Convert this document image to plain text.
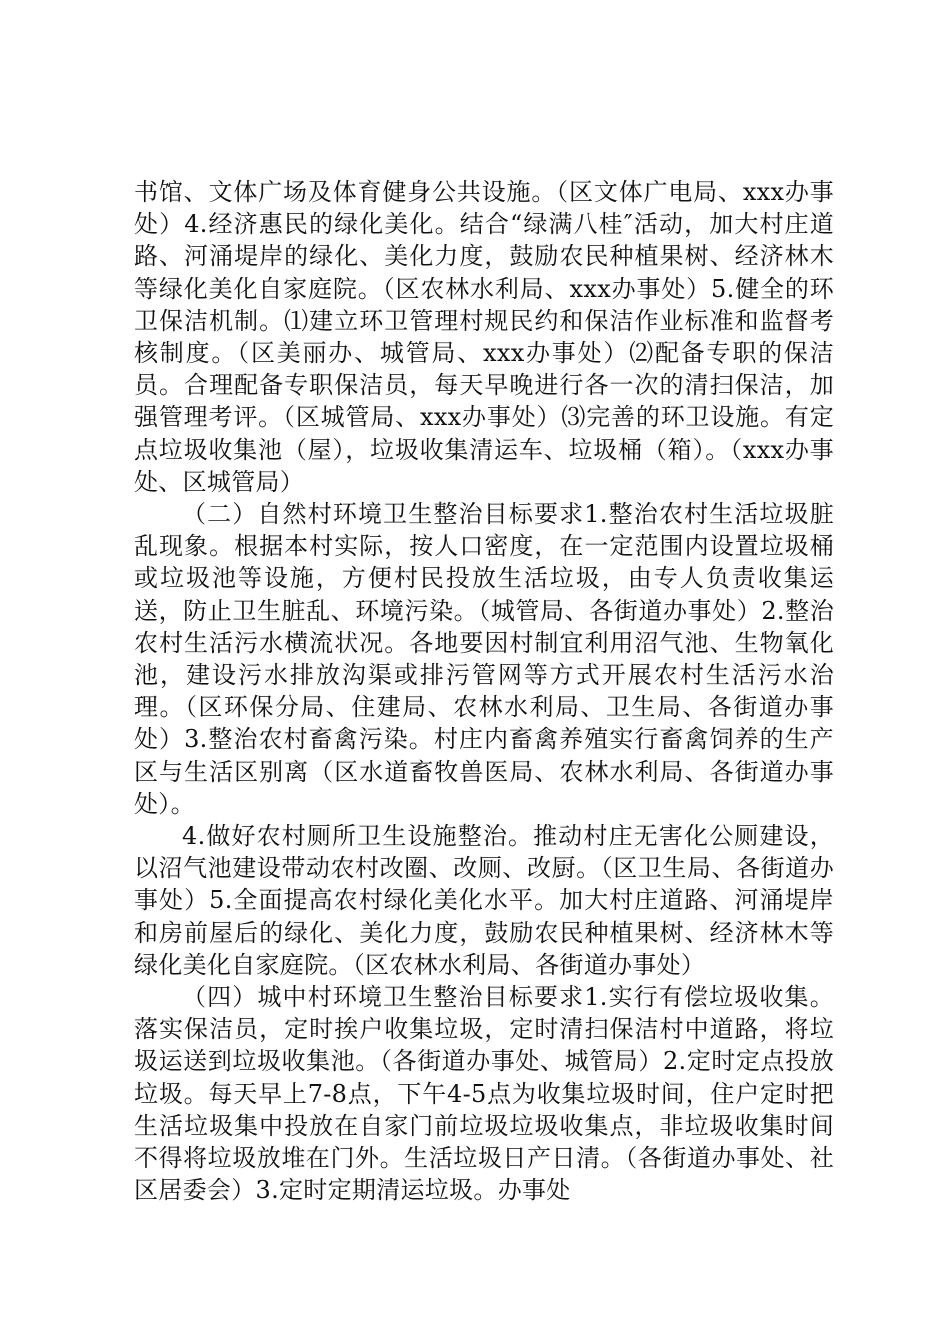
书馆、文体广场及体育健身公共设施。（区文体广电局、xxx办事处）4.经济惠民的绿化美化。结合“绿满八桂″活动，加大村庄道路、河涌堤岸的绿化、美化力度，鼓励农民种植果树、经济林木等绿化美化自家庭院。（区农林水利局、xxx办事处）5.健全的环卫保洁机制。⑴建立环卫管理村规民约和保洁作业标准和监督考核制度。（区美丽办、城管局、xxx办事处）⑵配备专职的保洁员。合理配备专职保洁员，每天早晚进行各一次的清扫保洁，加强管理考评。（区城管局、xxx办事处）⑶完善的环卫设施。有定点垃圾收集池（屋），垃圾收集清运车、垃圾桶（箱）。（xxx办事处、区城管局）

（二）自然村环境卫生整治目标要求1.整治农村生活垃圾脏乱现象。根据本村实际，按人口密度，在一定范围内设置垃圾桶或垃圾池等设施，方便村民投放生活垃圾，由专人负责收集运送，防止卫生脏乱、环境污染。（城管局、各街道办事处）2.整治农村生活污水横流状况。各地要因村制宜利用沼气池、生物氧化池，建设污水排放沟渠或排污管网等方式开展农村生活污水治理。（区环保分局、住建局、农林水利局、卫生局、各街道办事处）3.整治农村畜禽污染。村庄内畜禽养殖实行畜禽饲养的生产区与生活区别离（区水道畜牧兽医局、农林水利局、各街道办事处）。

4.做好农村厕所卫生设施整治。推动村庄无害化公厕建设，以沼气池建设带动农村改圈、改厕、改厨。（区卫生局、各街道办事处）5.全面提高农村绿化美化水平。加大村庄道路、河涌堤岸和房前屋后的绿化、美化力度，鼓励农民种植果树、经济林木等绿化美化自家庭院。（区农林水利局、各街道办事处）

（四）城中村环境卫生整治目标要求1.实行有偿垃圾收集。落实保洁员，定时挨户收集垃圾，定时清扫保洁村中道路，将垃圾运送到垃圾收集池。（各街道办事处、城管局）2.定时定点投放垃圾。每天早上7-8点，下午4-5点为收集垃圾时间，住户定时把生活垃圾集中投放在自家门前垃圾垃圾收集点，非垃圾收集时间不得将垃圾放堆在门外。生活垃圾日产日清。（各街道办事处、社区居委会）3.定时定期清运垃圾。办事处
